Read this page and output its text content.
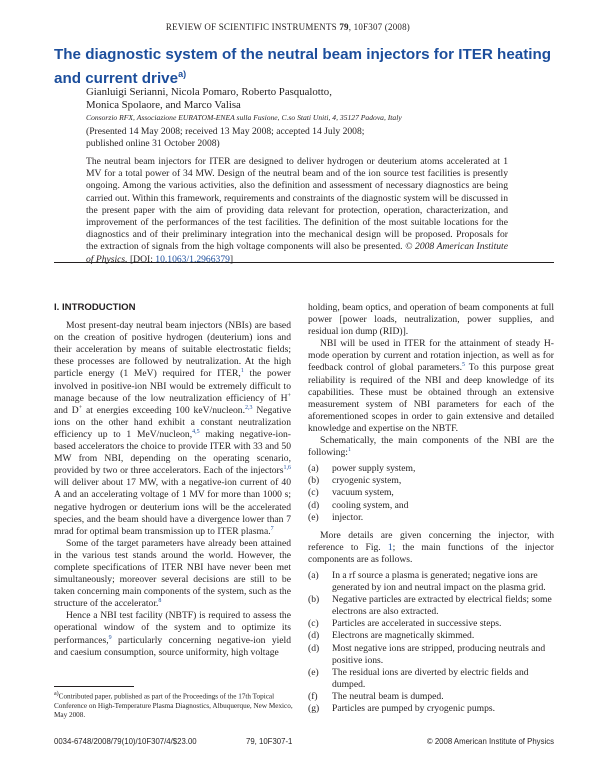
REVIEW OF SCIENTIFIC INSTRUMENTS 79, 10F307 (2008)
The diagnostic system of the neutral beam injectors for ITER heating and current drive$^{a)}$
Gianluigi Serianni, Nicola Pomaro, Roberto Pasqualotto,
Monica Spolaore, and Marco Valisa
Consorzio RFX, Associazione EURATOM-ENEA sulla Fusione, C.so Stati Uniti, 4, 35127 Padova, Italy
(Presented 14 May 2008; received 13 May 2008; accepted 14 July 2008;
published online 31 October 2008)

The neutral beam injectors for ITER are designed to deliver hydrogen or deuterium atoms accelerated at 1 MV for a total power of 34 MW. Design of the neutral beam and of the ion source test facilities is presently ongoing. Among the various activities, also the definition and assessment of necessary diagnostics are being carried out. Within this framework, requirements and constraints of the diagnostic system will be discussed in the present paper with the aim of providing data relevant for protection, operation, characterization, and improvement of the performances of the test facilities. The definition of the most suitable locations for the diagnostics and of their preliminary integration into the mechanical design will be proposed. Proposals for the extraction of signals from the high voltage components will also be presented. © 2008 American Institute of Physics. [DOI: 10.1063/1.2966379]

I. INTRODUCTION

Most present-day neutral beam injectors (NBIs) are based on the creation of positive hydrogen (deuterium) ions and their acceleration by means of suitable electrostatic fields; these processes are followed by neutralization. At the high particle energy (1 MeV) required for ITER,$^1$ the power involved in positive-ion NBI would be extremely difficult to manage because of the low neutralization efficiency of H+ and D+ at energies exceeding 100 keV/nucleon.$^{2,3}$ Negative ions on the other hand exhibit a constant neutralization efficiency up to 1 MeV/nucleon,$^{4,5}$ making negative-ion-based accelerators the choice to provide ITER with 33 and 50 MW from NBI, depending on the operating scenario, provided by two or three accelerators. Each of the injectors$^{1,6}$ will deliver about 17 MW, with a negative-ion current of 40 A and an accelerating voltage of 1 MV for more than 1000 s; negative hydrogen or deuterium ions will be the accelerated species, and the beam should have a divergence lower than 7 mrad for optimal beam transmission up to ITER plasma.$^7$

Some of the target parameters have already been attained in the various test stands around the world. However, the complete specifications of ITER NBI have never been met simultaneously; moreover several decisions are still to be taken concerning main components of the system, such as the structure of the accelerator.$^8$

Hence a NBI test facility (NBTF) is required to assess the operational window of the system and to optimize its performances,$^9$ particularly concerning negative-ion yield and caesium consumption, source uniformity, high voltage

holding, beam optics, and operation of beam components at full power [power loads, neutralization, power supplies, and residual ion dump (RID)].

NBI will be used in ITER for the attainment of steady H-mode operation by current and rotation injection, as well as for feedback control of global parameters.$^5$ To this purpose great reliability is required of the NBI and deep knowledge of its capabilities. These must be obtained through an extensive measurement system of NBI parameters for each of the aforementioned scopes in order to gain extensive and detailed knowledge and expertise on the NBTF.

Schematically, the main components of the NBI are the following:$^1$

(a)	power supply system,
(b)	cryogenic system,
(c)	vacuum system,
(d)	cooling system, and
(e)	injector.

More details are given concerning the injector, with reference to Fig. 1; the main functions of the injector components are as follows.

(a)	In a rf source a plasma is generated; negative ions are generated by ion and neutral impact on the plasma grid.
(b)	Negative particles are extracted by electrical fields; some electrons are also extracted.
(c)	Particles are accelerated in successive steps.
(d)	Electrons are magnetically skimmed.
(d)	Most negative ions are stripped, producing neutrals and positive ions.
(e)	The residual ions are diverted by electric fields and dumped.
(f)	The neutral beam is dumped.
(g)	Particles are pumped by cryogenic pumps.
$^{a)}$Contributed paper, published as part of the Proceedings of the 17th Topical Conference on High-Temperature Plasma Diagnostics, Albuquerque, New Mexico, May 2008.
0034-6748/2008/79(10)/10F307/4/$23.00	79, 10F307-1	© 2008 American Institute of Physics
